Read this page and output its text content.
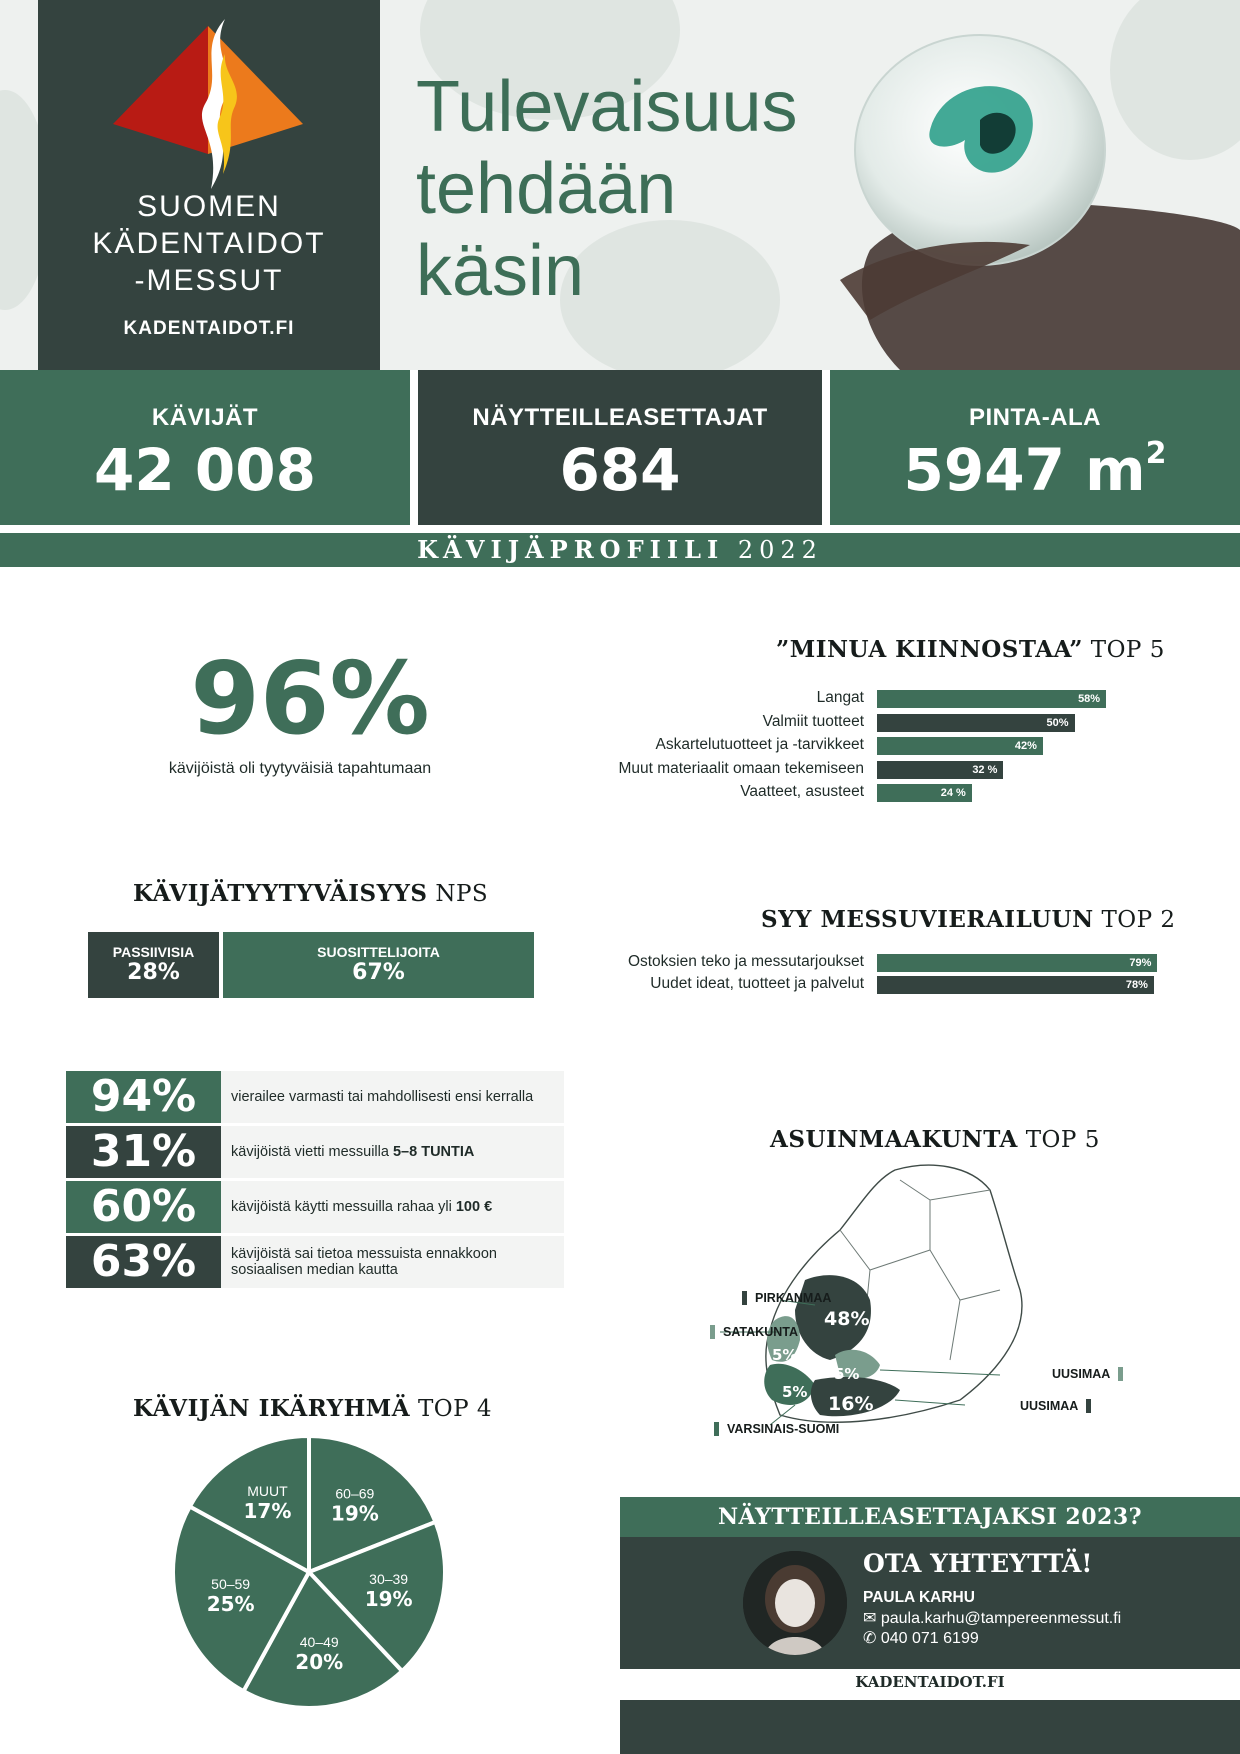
SUOMEN
KÄDENTAIDOT
-MESSUT
KADENTAIDOT.FI
Tulevaisuus
tehdään
käsin
KÄVIJÄT
42 008
NÄYTTEILLEASETTAJAT
684
PINTA-ALA
5947 $m^2$
KÄVIJÄPROFIILI 2022
96%
kävijöistä oli tyytyväisiä tapahtumaan
”MINUA KIINNOSTAA” TOP 5
Langat	58%
Valmiit tuotteet	50%
Askartelutuotteet ja -tarvikkeet	42%
Muut materiaalit omaan tekemiseen	32 %
Vaatteet, asusteet	24 %
KÄVIJÄTYYTYVÄISYYS NPS
PASSIIVISIA
28%
SUOSITTELIJOITA
67%
SYY MESSUVIERAILUUN TOP 2
Ostoksien teko ja messutarjoukset	79%
Uudet ideat, tuotteet ja palvelut	78%
94%	vierailee varmasti tai mahdollisesti ensi kerralla
31%	kävijöistä vietti messuilla 5–8 TUNTIA
60%	kävijöistä käytti messuilla rahaa yli 100 €
63%	kävijöistä sai tietoa messuista ennakkoon sosiaalisen median kautta
ASUINMAAKUNTA TOP 5
48%
5%
5%
5%
16%
PIRKANMAA
SATAKUNTA
UUSIMAA
VARSINAIS-SUOMI
UUSIMAA
KÄVIJÄN IKÄRYHMÄ TOP 4
60–69
19%
30–39
19%
40–49
20%
50–59
25%
MUUT
17%	NÄYTTEILLEASETTAJAKSI 2023?
OTA YHTEYTTÄ!
PAULA KARHU
✉ paula.karhu@tampereenmessut.fi
✆ 040 071 6199
KADENTAIDOT.FI
